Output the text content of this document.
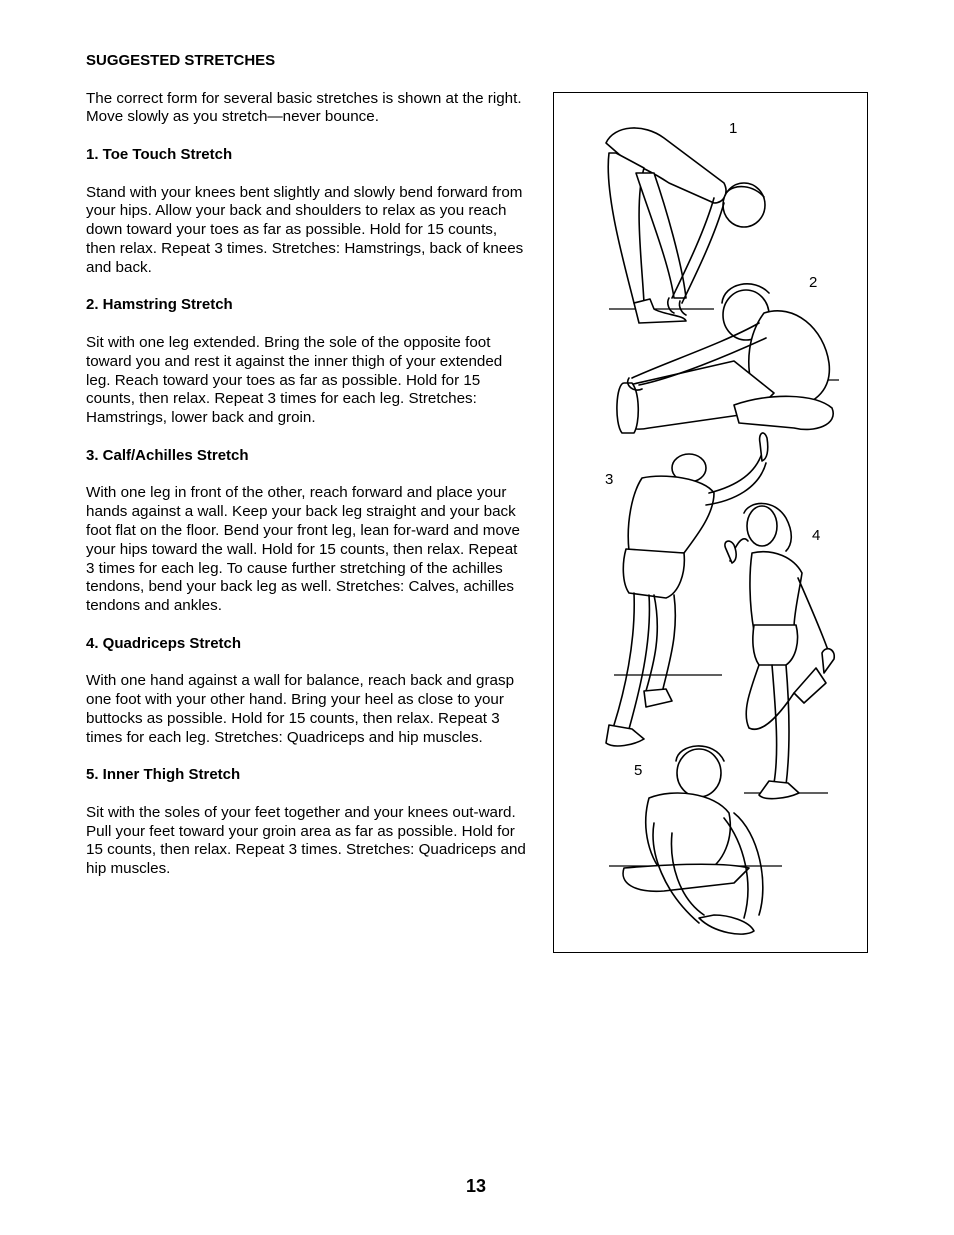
SUGGESTED STRETCHES

The correct form for several basic stretches is shown at the right. Move slowly as you stretch—never bounce.

1. Toe Touch Stretch

Stand with your knees bent slightly and slowly bend forward from your hips. Allow your back and shoulders to relax as you reach down toward your toes as far as possible. Hold for 15 counts, then relax. Repeat 3 times. Stretches: Hamstrings, back of knees and back.

2. Hamstring Stretch

Sit with one leg extended. Bring the sole of the opposite foot toward you and rest it against the inner thigh of your extended leg. Reach toward your toes as far as possible. Hold for 15 counts, then relax. Repeat 3 times for each leg. Stretches: Hamstrings, lower back and groin.

3. Calf/Achilles Stretch

With one leg in front of the other, reach forward and place your hands against a wall. Keep your back leg straight and your back foot flat on the floor. Bend your front leg, lean for-ward and move your hips toward the wall. Hold for 15 counts, then relax. Repeat 3 times for each leg. To cause further stretching of the achilles tendons, bend your back leg as well. Stretches: Calves, achilles tendons and ankles.

4. Quadriceps Stretch

With one hand against a wall for balance, reach back and grasp one foot with your other hand. Bring your heel as close to your buttocks as possible. Hold for 15 counts, then relax. Repeat 3 times for each leg. Stretches: Quadriceps and hip muscles.

5. Inner Thigh Stretch

Sit with the soles of your feet together and your knees out-ward. Pull your feet toward your groin area as far as possible. Hold for 15 counts, then relax. Repeat 3 times. Stretches: Quadriceps and hip muscles.

1
2
3
4
5
13
